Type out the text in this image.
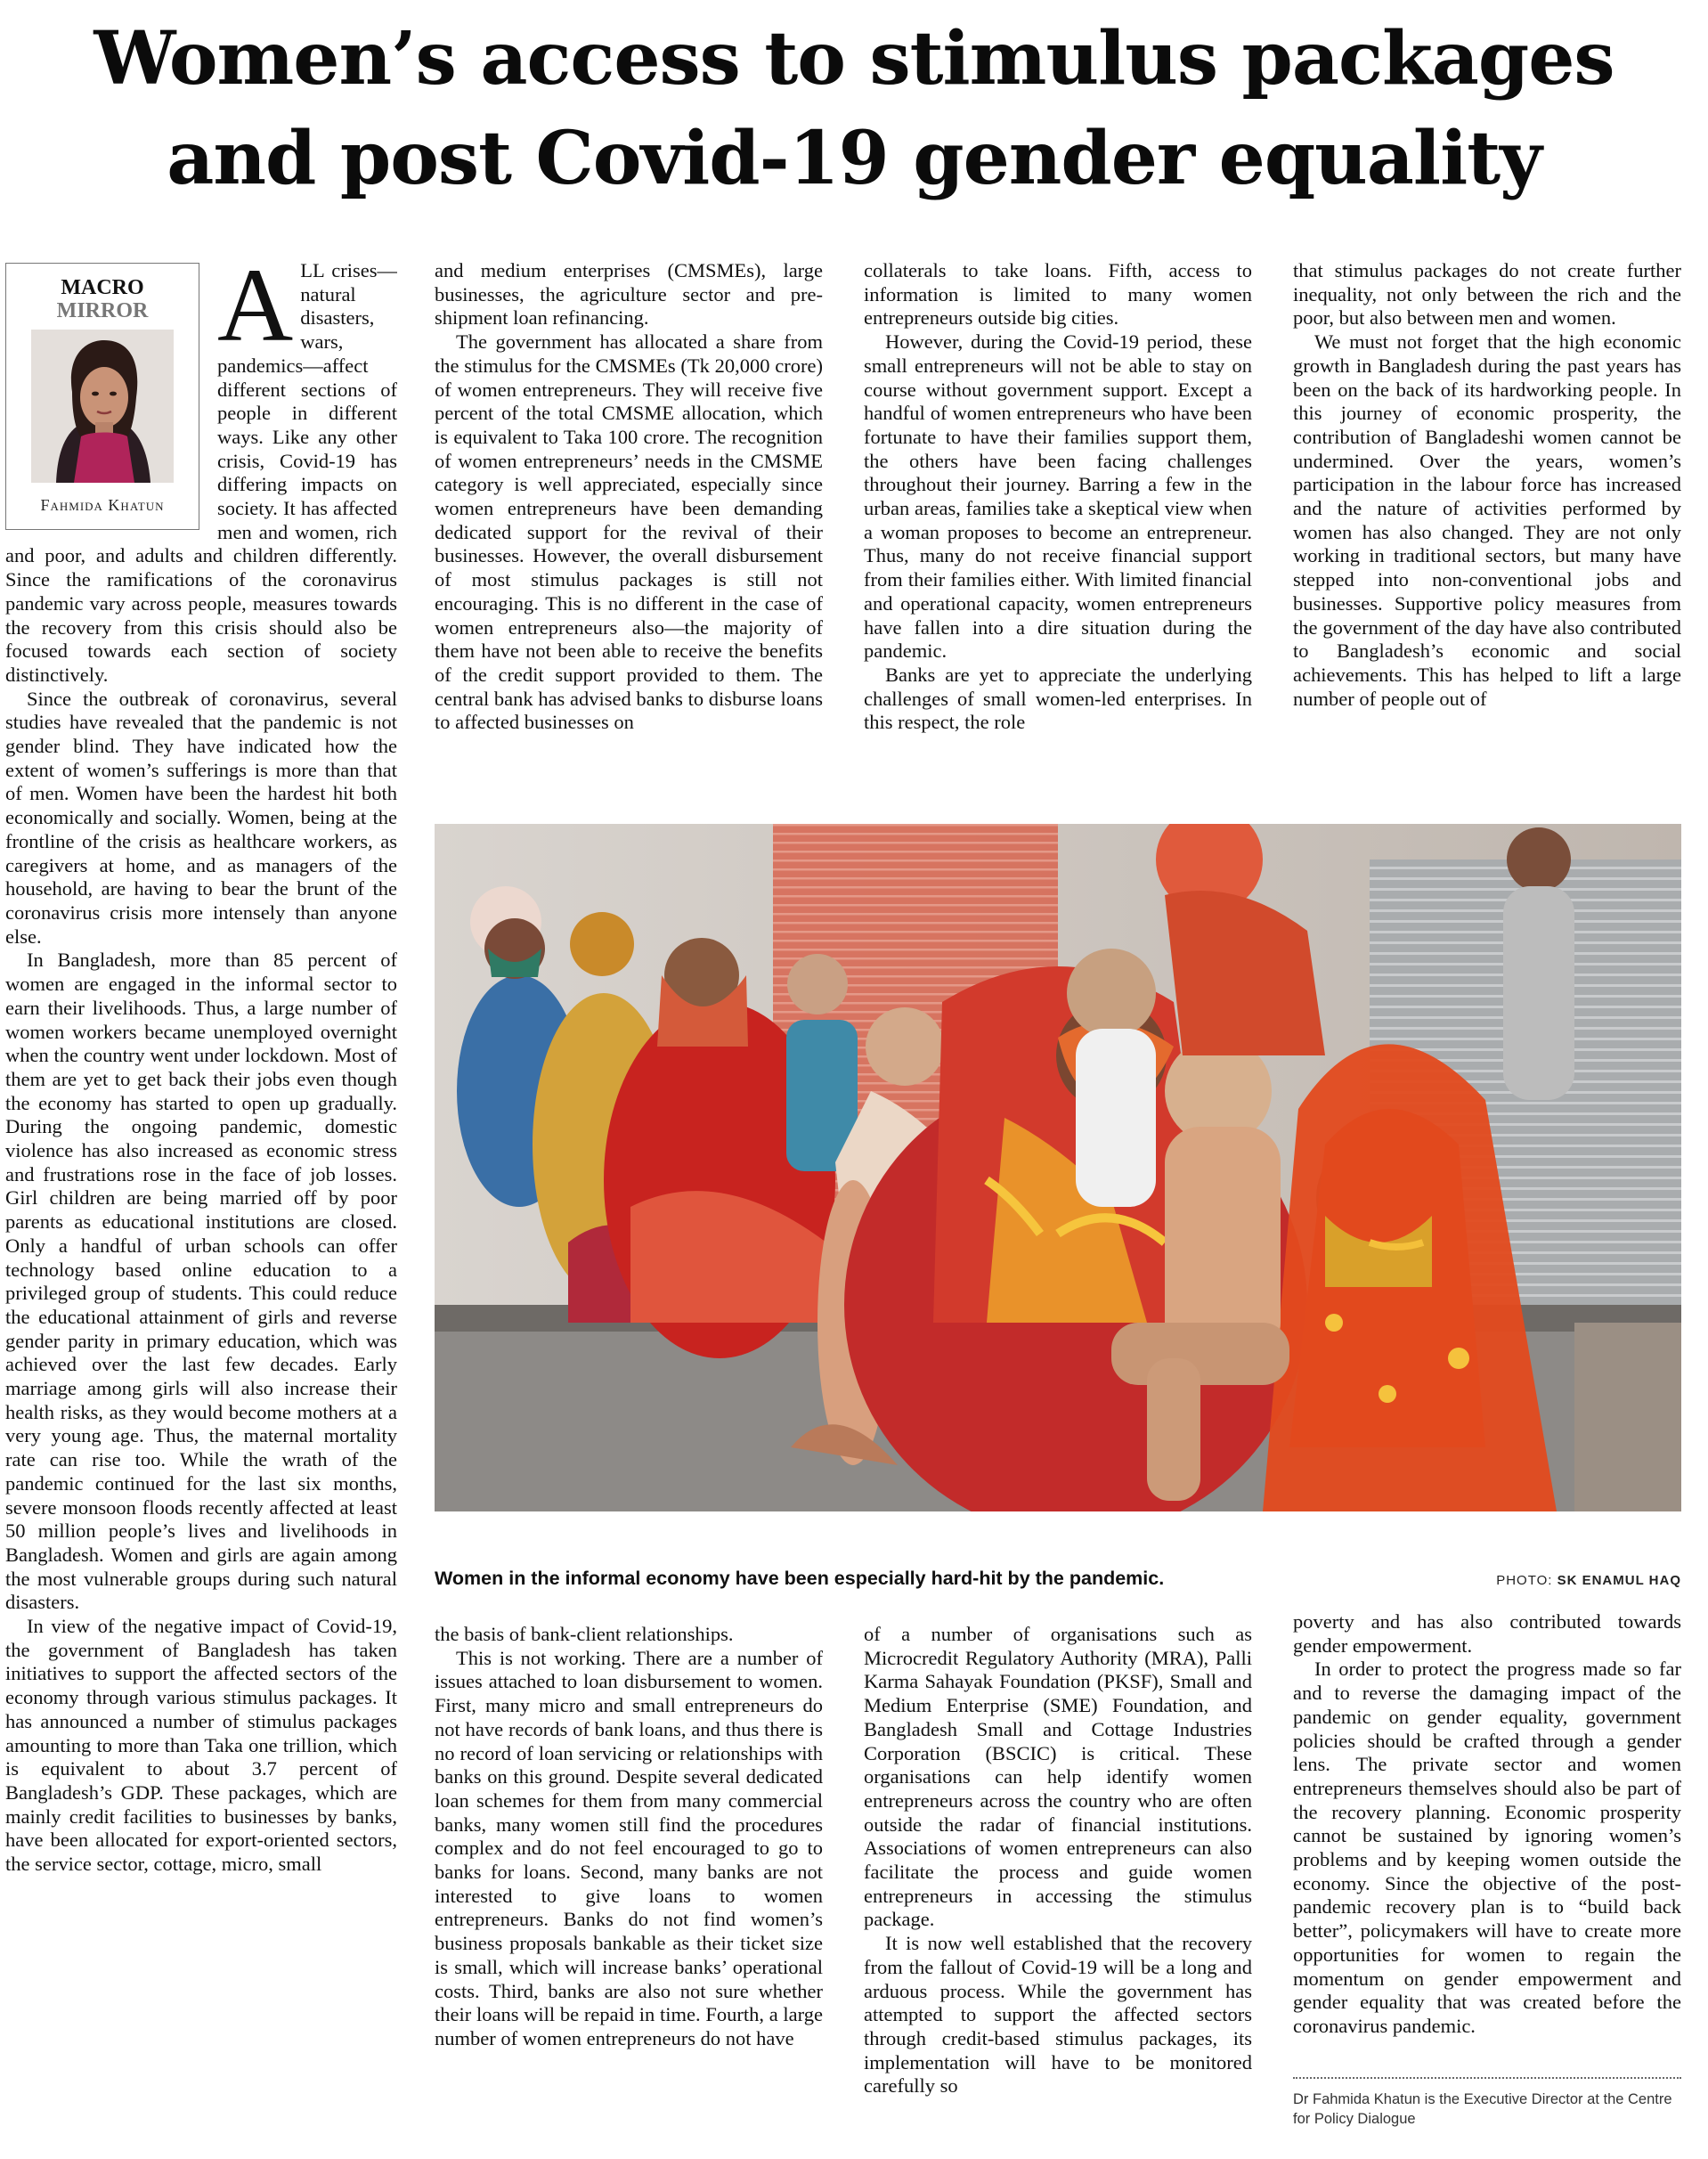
Women’s access to stimulus packages
and post Covid-19 gender equality
MACRO
MIRROR
Fahmida Khatun
A LL crises—natural disasters, wars, pandemics—affect different sections of people in different ways. Like any other crisis, Covid-19 has differing impacts on society. It has affected men and women, rich and poor, and adults and children differently. Since the ramifications of the coronavirus pandemic vary across people, measures towards the recovery from this crisis should also be focused towards each section of society distinctively.

Since the outbreak of coronavirus, several studies have revealed that the pandemic is not gender blind. They have indicated how the extent of women’s sufferings is more than that of men. Women have been the hardest hit both economically and socially. Women, being at the frontline of the crisis as healthcare workers, as caregivers at home, and as managers of the household, are having to bear the brunt of the coronavirus crisis more intensely than anyone else.

In Bangladesh, more than 85 percent of women are engaged in the informal sector to earn their livelihoods. Thus, a large number of women workers became unemployed overnight when the country went under lockdown. Most of them are yet to get back their jobs even though the economy has started to open up gradually. During the ongoing pandemic, domestic violence has also increased as economic stress and frustrations rose in the face of job losses. Girl children are being married off by poor parents as educational institutions are closed. Only a handful of urban schools can offer technology based online education to a privileged group of students. This could reduce the educational attainment of girls and reverse gender parity in primary education, which was achieved over the last few decades. Early marriage among girls will also increase their health risks, as they would become mothers at a very young age. Thus, the maternal mortality rate can rise too. While the wrath of the pandemic continued for the last six months, severe monsoon floods recently affected at least 50 million people’s lives and livelihoods in Bangladesh. Women and girls are again among the most vulnerable groups during such natural disasters.

In view of the negative impact of Covid-19, the government of Bangladesh has taken initiatives to support the affected sectors of the economy through various stimulus packages. It has announced a number of stimulus packages amounting to more than Taka one trillion, which is equivalent to about 3.7 percent of Bangladesh’s GDP. These packages, which are mainly credit facilities to businesses by banks, have been allocated for export-oriented sectors, the service sector, cottage, micro, small

and medium enterprises (CMSMEs), large businesses, the agriculture sector and pre-shipment loan refinancing.

The government has allocated a share from the stimulus for the CMSMEs (Tk 20,000 crore) of women entrepreneurs. They will receive five percent of the total CMSME allocation, which is equivalent to Taka 100 crore. The recognition of women entrepreneurs’ needs in the CMSME category is well appreciated, especially since women entrepreneurs have been demanding dedicated support for the revival of their businesses. However, the overall disbursement of most stimulus packages is still not encouraging. This is no different in the case of women entrepreneurs also—the majority of them have not been able to receive the benefits of the credit support provided to them. The central bank has advised banks to disburse loans to affected businesses on

collaterals to take loans. Fifth, access to information is limited to many women entrepreneurs outside big cities.

However, during the Covid-19 period, these small entrepreneurs will not be able to stay on course without government support. Except a handful of women entrepreneurs who have been fortunate to have their families support them, the others have been facing challenges throughout their journey. Barring a few in the urban areas, families take a skeptical view when a woman proposes to become an entrepreneur. Thus, many do not receive financial support from their families either. With limited financial and operational capacity, women entrepreneurs have fallen into a dire situation during the pandemic.

Banks are yet to appreciate the underlying challenges of small women-led enterprises. In this respect, the role

that stimulus packages do not create further inequality, not only between the rich and the poor, but also between men and women.

We must not forget that the high economic growth in Bangladesh during the past years has been on the back of its hardworking people. In this journey of economic prosperity, the contribution of Bangladeshi women cannot be undermined. Over the years, women’s participation in the labour force has increased and the nature of activities performed by women has also changed. They are not only working in traditional sectors, but many have stepped into non-conventional jobs and businesses. Supportive policy measures from the government of the day have also contributed to Bangladesh’s economic and social achievements. This has helped to lift a large number of people out of

Women in the informal economy have been especially hard-hit by the pandemic.	PHOTO: SK ENAMUL HAQ

the basis of bank-client relationships.

This is not working. There are a number of issues attached to loan disbursement to women. First, many micro and small entrepreneurs do not have records of bank loans, and thus there is no record of loan servicing or relationships with banks on this ground. Despite several dedicated loan schemes for them from many commercial banks, many women still find the procedures complex and do not feel encouraged to go to banks for loans. Second, many banks are not interested to give loans to women entrepreneurs. Banks do not find women’s business proposals bankable as their ticket size is small, which will increase banks’ operational costs. Third, banks are also not sure whether their loans will be repaid in time. Fourth, a large number of women entrepreneurs do not have

of a number of organisations such as Microcredit Regulatory Authority (MRA), Palli Karma Sahayak Foundation (PKSF), Small and Medium Enterprise (SME) Foundation, and Bangladesh Small and Cottage Industries Corporation (BSCIC) is critical. These organisations can help identify women entrepreneurs across the country who are often outside the radar of financial institutions. Associations of women entrepreneurs can also facilitate the process and guide women entrepreneurs in accessing the stimulus package.

It is now well established that the recovery from the fallout of Covid-19 will be a long and arduous process. While the government has attempted to support the affected sectors through credit-based stimulus packages, its implementation will have to be monitored carefully so

poverty and has also contributed towards gender empowerment.

In order to protect the progress made so far and to reverse the damaging impact of the pandemic on gender equality, government policies should be crafted through a gender lens. The private sector and women entrepreneurs themselves should also be part of the recovery planning. Economic prosperity cannot be sustained by ignoring women’s problems and by keeping women outside the economy. Since the objective of the post-pandemic recovery plan is to “build back better”, policymakers will have to create more opportunities for women to regain the momentum on gender empowerment and gender equality that was created before the coronavirus pandemic.

Dr Fahmida Khatun is the Executive Director at the Centre for Policy Dialogue
